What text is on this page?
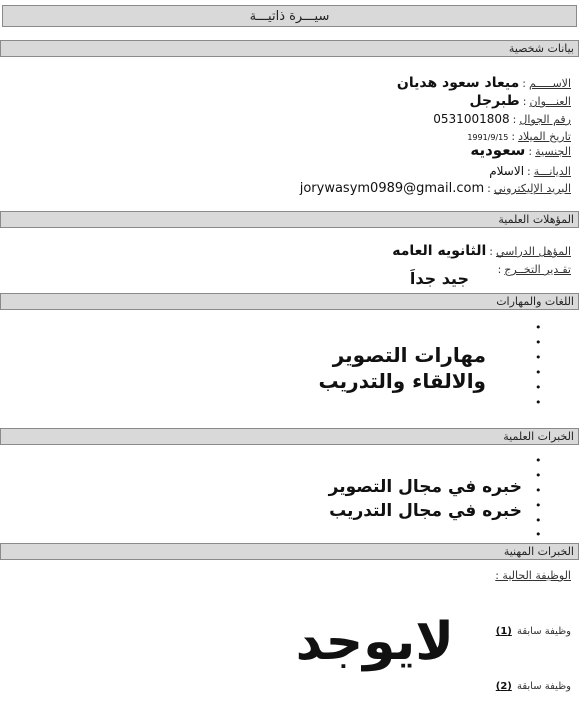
سيـــرة ذاتيـــة
بيانات شخصية
الاســـــم:ميعاد سعود هديان
العنـــوان:طبرجل
رقم الجوال:0531001808
تاريخ الميلاد:1991/9/15
الجنسية:سعوديه
الديانـــة:الاسلام
البريد الإليكتروني:jorywasym0989@gmail.com
المؤهلات العلمية
المؤهل الدراسي:الثانويه العامه
تقـدير التخــرج:
جيد جداَ
اللغات والمهارات
•
•
•
•
•
•
مهارات التصوير
والالقاء والتدريب
الخبرات العلمية
•
•
•
•
•
•
خبره في مجال التصوير
خبره في مجال التدريب
الخبرات المهنية
الوظيفة الحالية :
وظيفة سابقة (1)
لايوجد
وظيفة سابقة (2)
